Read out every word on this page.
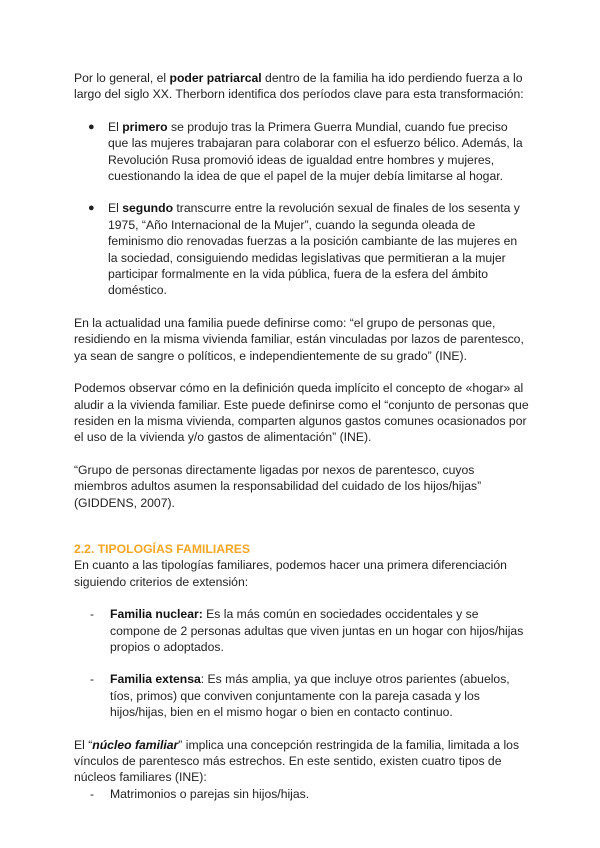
Por lo general, el poder patriarcal dentro de la familia ha ido perdiendo fuerza a lo largo del siglo XX. Therborn identifica dos períodos clave para esta transformación:

● El primero se produjo tras la Primera Guerra Mundial, cuando fue preciso que las mujeres trabajaran para colaborar con el esfuerzo bélico. Además, la Revolución Rusa promovió ideas de igualdad entre hombres y mujeres, cuestionando la idea de que el papel de la mujer debía limitarse al hogar.
● El segundo transcurre entre la revolución sexual de finales de los sesenta y 1975, “Año Internacional de la Mujer”, cuando la segunda oleada de feminismo dio renovadas fuerzas a la posición cambiante de las mujeres en la sociedad, consiguiendo medidas legislativas que permitieran a la mujer participar formalmente en la vida pública, fuera de la esfera del ámbito doméstico.

En la actualidad una familia puede definirse como: “el grupo de personas que, residiendo en la misma vivienda familiar, están vinculadas por lazos de parentesco, ya sean de sangre o políticos, e independientemente de su grado” (INE).

Podemos observar cómo en la definición queda implícito el concepto de «hogar» al aludir a la vivienda familiar. Este puede definirse como el “conjunto de personas que residen en la misma vivienda, comparten algunos gastos comunes ocasionados por el uso de la vivienda y/o gastos de alimentación” (INE).

“Grupo de personas directamente ligadas por nexos de parentesco, cuyos miembros adultos asumen la responsabilidad del cuidado de los hijos/hijas” (GIDDENS, 2007).

2.2. TIPOLOGÍAS FAMILIARES

En cuanto a las tipologías familiares, podemos hacer una primera diferenciación siguiendo criterios de extensión:

- Familia nuclear: Es la más común en sociedades occidentales y se compone de 2 personas adultas que viven juntas en un hogar con hijos/hijas propios o adoptados.
- Familia extensa: Es más amplia, ya que incluye otros parientes (abuelos, tíos, primos) que conviven conjuntamente con la pareja casada y los hijos/hijas, bien en el mismo hogar o bien en contacto continuo.

El “núcleo familiar” implica una concepción restringida de la familia, limitada a los vínculos de parentesco más estrechos. En este sentido, existen cuatro tipos de núcleos familiares (INE):

- Matrimonios o parejas sin hijos/hijas.
